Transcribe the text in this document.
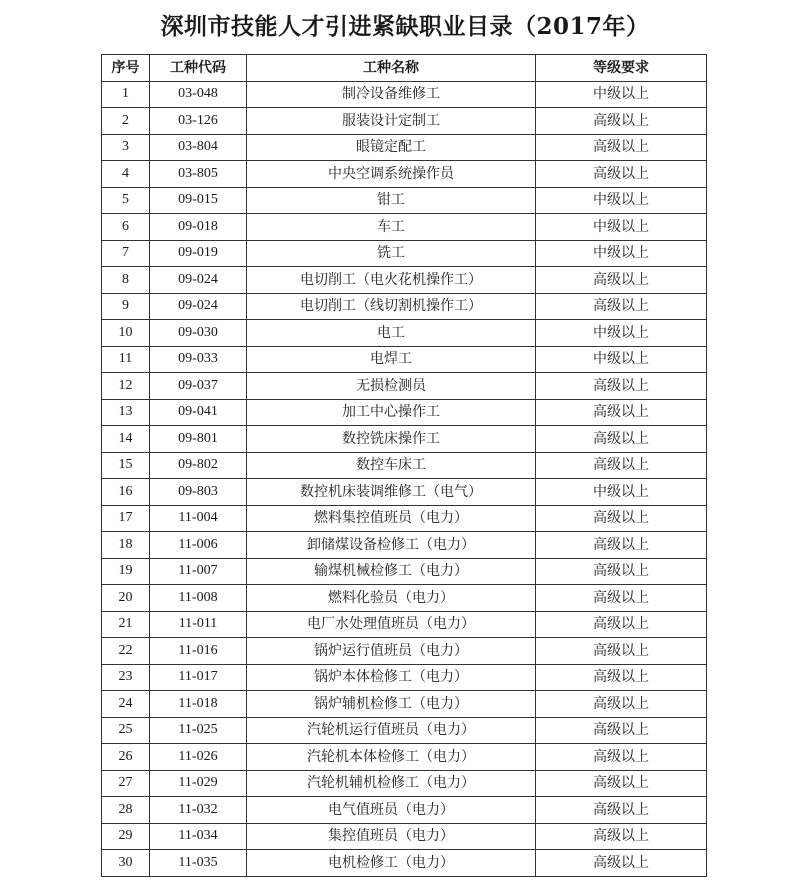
深圳市技能人才引进紧缺职业目录（2017年）
序号	工种代码	工种名称	等级要求
1	03-048	制冷设备维修工	中级以上
2	03-126	服装设计定制工	高级以上
3	03-804	眼镜定配工	高级以上
4	03-805	中央空调系统操作员	高级以上
5	09-015	钳工	中级以上
6	09-018	车工	中级以上
7	09-019	铣工	中级以上
8	09-024	电切削工（电火花机操作工）	高级以上
9	09-024	电切削工（线切割机操作工）	高级以上
10	09-030	电工	中级以上
11	09-033	电焊工	中级以上
12	09-037	无损检测员	高级以上
13	09-041	加工中心操作工	高级以上
14	09-801	数控铣床操作工	高级以上
15	09-802	数控车床工	高级以上
16	09-803	数控机床装调维修工（电气）	中级以上
17	11-004	燃料集控值班员（电力）	高级以上
18	11-006	卸储煤设备检修工（电力）	高级以上
19	11-007	输煤机械检修工（电力）	高级以上
20	11-008	燃料化验员（电力）	高级以上
21	11-011	电厂水处理值班员（电力）	高级以上
22	11-016	锅炉运行值班员（电力）	高级以上
23	11-017	锅炉本体检修工（电力）	高级以上
24	11-018	锅炉辅机检修工（电力）	高级以上
25	11-025	汽轮机运行值班员（电力）	高级以上
26	11-026	汽轮机本体检修工（电力）	高级以上
27	11-029	汽轮机辅机检修工（电力）	高级以上
28	11-032	电气值班员（电力）	高级以上
29	11-034	集控值班员（电力）	高级以上
30	11-035	电机检修工（电力）	高级以上
